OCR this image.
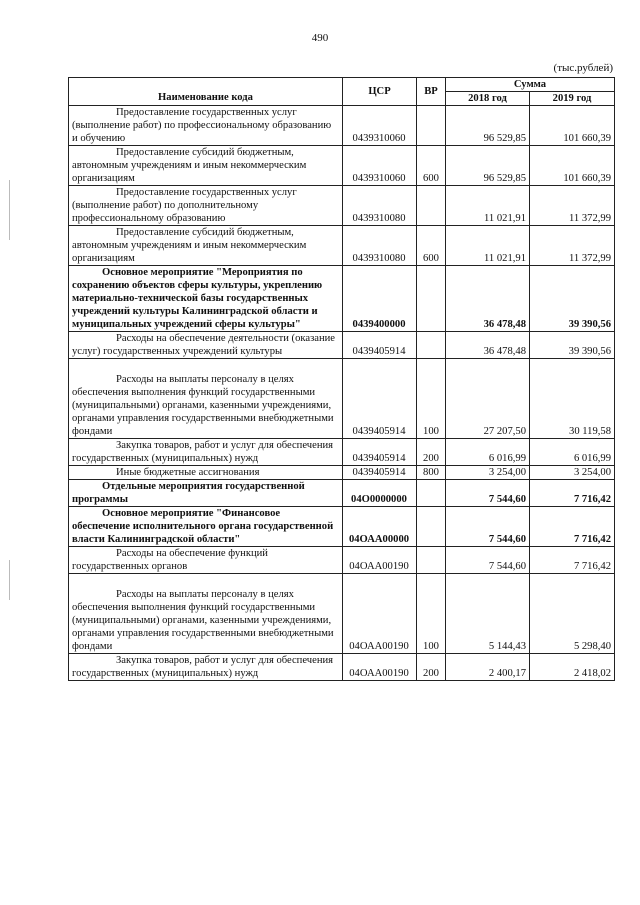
490
(тыс.рублей)
Наименование кода	ЦСР	ВР	Сумма	
			2018 год	2019 год
Предоставление государственных услуг (выполнение работ) по профессиональному образованию и обучению	0439310060		96 529,85	101 660,39
Предоставление субсидий бюджетным, автономным учреждениям и иным некоммерческим организациям	0439310060	600	96 529,85	101 660,39
Предоставление государственных услуг (выполнение работ) по дополнительному профессиональному образованию	0439310080		11 021,91	11 372,99
Предоставление субсидий бюджетным, автономным учреждениям и иным некоммерческим организациям	0439310080	600	11 021,91	11 372,99
Основное мероприятие "Мероприятия по сохранению объектов сферы культуры, укреплению материально-технической базы государственных учреждений культуры Калининградской области и муниципальных учреждений сферы культуры"	0439400000		36 478,48	39 390,56
Расходы на обеспечение деятельности (оказание услуг) государственных учреждений культуры	0439405914		36 478,48	39 390,56
Расходы на выплаты персоналу в целях обеспечения выполнения функций государственными (муниципальными) органами, казенными учреждениями, органами управления государственными внебюджетными фондами	0439405914	100	27 207,50	30 119,58
Закупка товаров, работ и услуг для обеспечения государственных (муниципальных) нужд	0439405914	200	6 016,99	6 016,99
Иные бюджетные ассигнования	0439405914	800	3 254,00	3 254,00
Отдельные мероприятия государственной программы	04О0000000		7 544,60	7 716,42
Основное мероприятие "Финансовое обеспечение исполнительного органа государственной власти Калининградской области"	04ОАА00000		7 544,60	7 716,42
Расходы на обеспечение функций государственных органов	04ОАА00190		7 544,60	7 716,42
Расходы на выплаты персоналу в целях обеспечения выполнения функций государственными (муниципальными) органами, казенными учреждениями, органами управления государственными внебюджетными фондами	04ОАА00190	100	5 144,43	5 298,40
Закупка товаров, работ и услуг для обеспечения государственных (муниципальных) нужд	04ОАА00190	200	2 400,17	2 418,02
